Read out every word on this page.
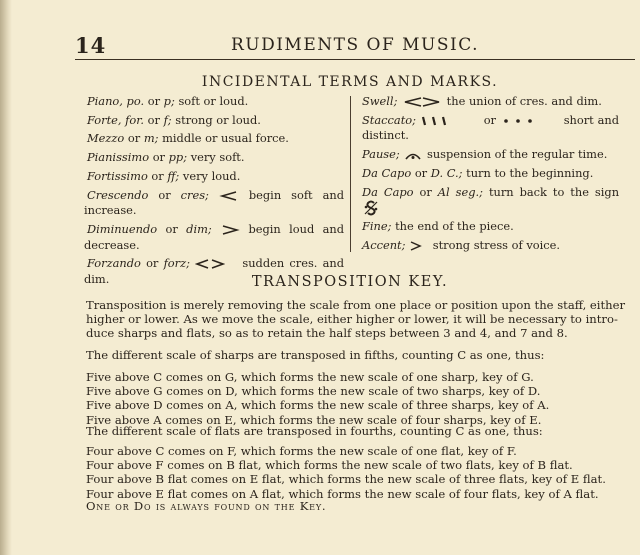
14	RUDIMENTS OF MUSIC.
INCIDENTAL TERMS AND MARKS.

Piano, po. or p; soft or loud.

Forte, for. or f; strong or loud.

Mezzo or m; middle or usual force.

Pianissimo or pp; very soft.

Fortissimo or ff; very loud.

Crescendo or cres;	begin soft and increase.

Diminuendo or dim;	begin loud and decrease.

Forzando or forz;	sudden cres. and dim.

Swell;	the union of cres. and dim.

Staccato;	or	short and distinct.

Pause; suspension of the regular time.

Da Capo or D. C.; turn to the beginning.

Da Capo or Al seg.; turn back to the sign

Fine; the end of the piece.

Accent; strong stress of voice.

TRANSPOSITION KEY.
Transposition is merely removing the scale from one place or position upon the staff, either
higher or lower. As we move the scale, either higher or lower, it will be necessary to intro-
duce sharps and flats, so as to retain the half steps between 3 and 4, and 7 and 8.
The different scale of sharps are transposed in fifths, counting C as one, thus:
Five above C comes on G, which forms the new scale of one sharp, key of G.
Five above G comes on D, which forms the new scale of two sharps, key of D.
Five above D comes on A, which forms the new scale of three sharps, key of A.
Five above A comes on E, which forms the new scale of four sharps, key of E.
The different scale of flats are transposed in fourths, counting C as one, thus:
Four above C comes on F, which forms the new scale of one flat, key of F.
Four above F comes on B flat, which forms the new scale of two flats, key of B flat.
Four above B flat comes on E flat, which forms the new scale of three flats, key of E flat.
Four above E flat comes on A flat, which forms the new scale of four flats, key of A flat.
One or Do is always found on the Key.
